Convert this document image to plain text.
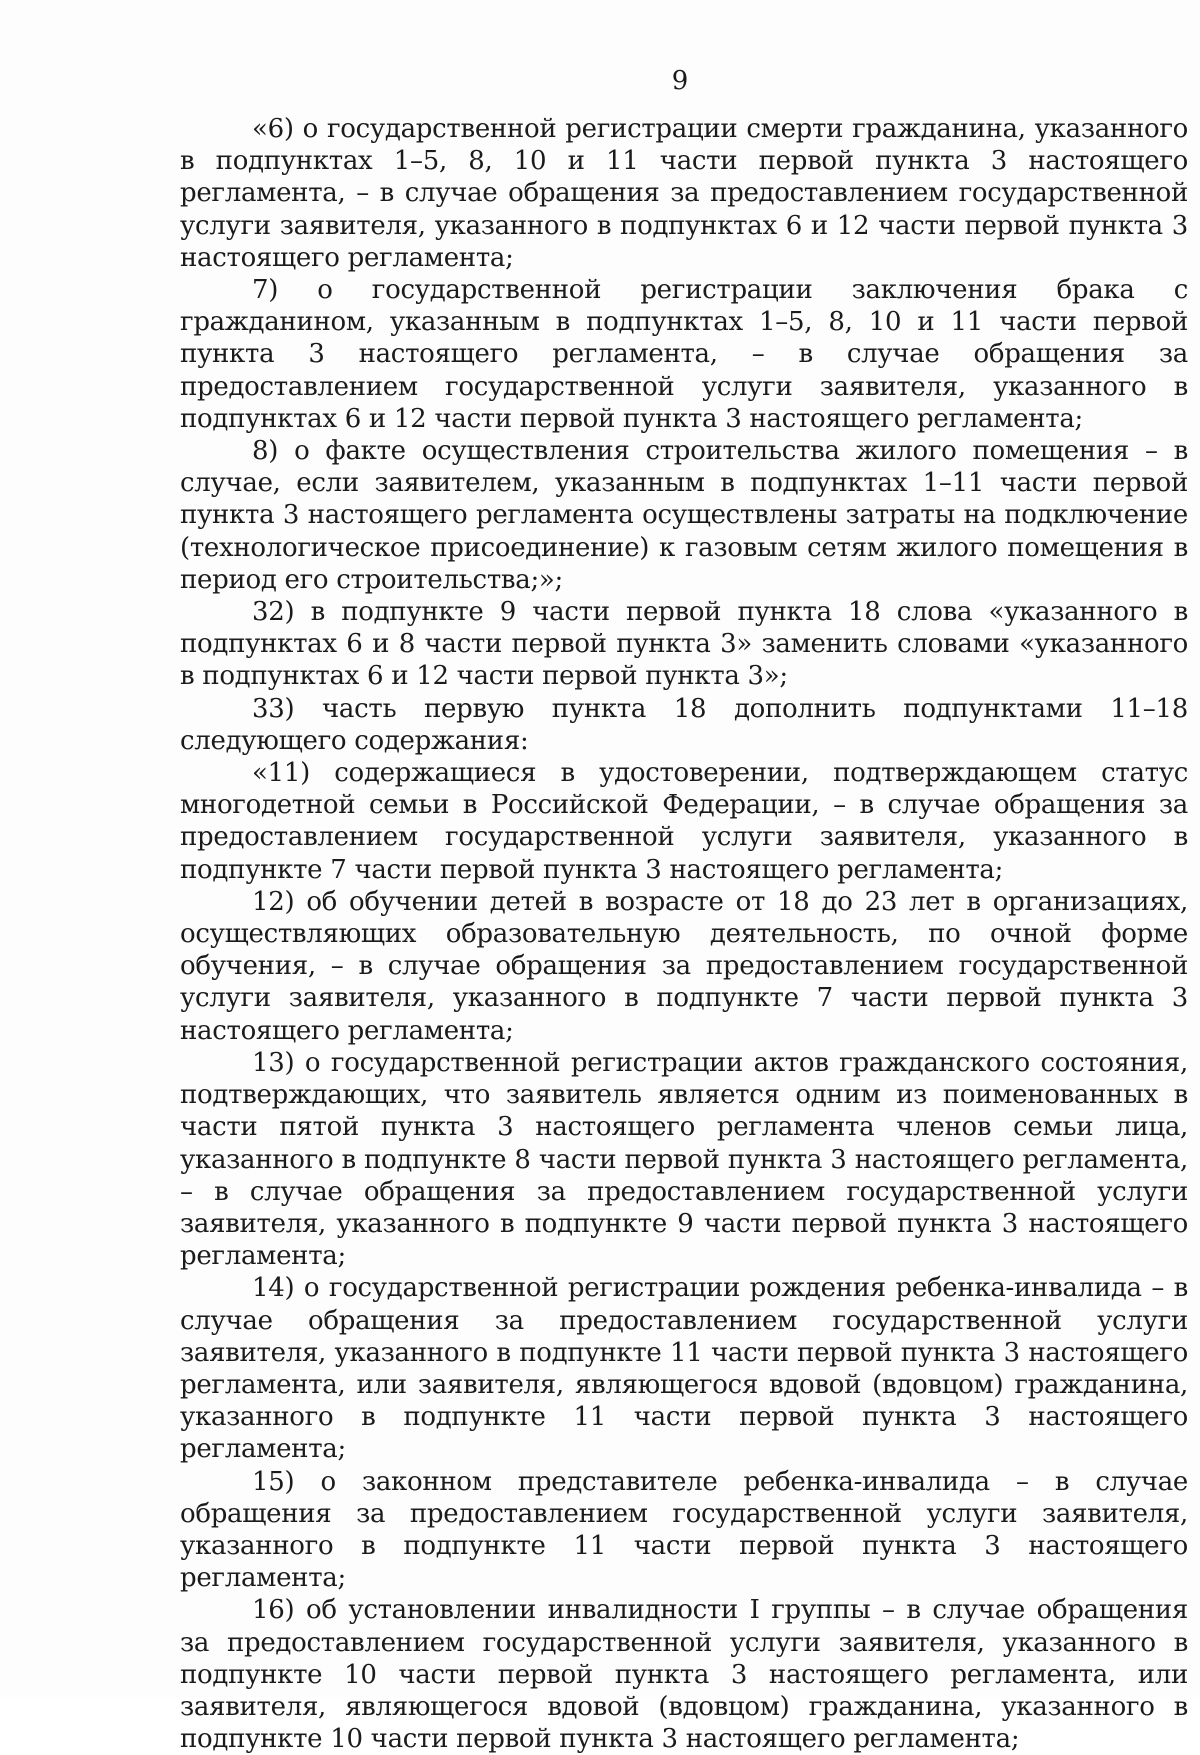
9

«6) о государственной регистрации смерти гражданина, указанного в подпунктах 1–5, 8, 10 и 11 части первой пункта 3 настоящего регламента, – в случае обращения за предоставлением государственной услуги заявителя, указанного в подпунктах 6 и 12 части первой пункта 3 настоящего регламента;

7) о государственной регистрации заключения брака с гражданином, указанным в подпунктах 1–5, 8, 10 и 11 части первой пункта 3 настоящего регламента, – в случае обращения за предоставлением государственной услуги заявителя, указанного в подпунктах 6 и 12 части первой пункта 3 настоящего регламента;

8) о факте осуществления строительства жилого помещения – в случае, если заявителем, указанным в подпунктах 1–11 части первой пункта 3 настоящего регламента осуществлены затраты на подключение (технологическое присоединение) к газовым сетям жилого помещения в период его строительства;»;

32) в подпункте 9 части первой пункта 18 слова «указанного в подпунктах 6 и 8 части первой пункта 3» заменить словами «указанного в подпунктах 6 и 12 части первой пункта 3»;

33) часть первую пункта 18 дополнить подпунктами 11–18 следующего содержания:

«11) содержащиеся в удостоверении, подтверждающем статус многодетной семьи в Российской Федерации, – в случае обращения за предоставлением государственной услуги заявителя, указанного в подпункте 7 части первой пункта 3 настоящего регламента;

12) об обучении детей в возрасте от 18 до 23 лет в организациях, осуществляющих образовательную деятельность, по очной форме обучения, – в случае обращения за предоставлением государственной услуги заявителя, указанного в подпункте 7 части первой пункта 3 настоящего регламента;

13) о государственной регистрации актов гражданского состояния, подтверждающих, что заявитель является одним из поименованных в части пятой пункта 3 настоящего регламента членов семьи лица, указанного в подпункте 8 части первой пункта 3 настоящего регламента, – в случае обращения за предоставлением государственной услуги заявителя, указанного в подпункте 9 части первой пункта 3 настоящего регламента;

14) о государственной регистрации рождения ребенка-инвалида – в случае обращения за предоставлением государственной услуги заявителя, указанного в подпункте 11 части первой пункта 3 настоящего регламента, или заявителя, являющегося вдовой (вдовцом) гражданина, указанного в подпункте 11 части первой пункта 3 настоящего регламента;

15) о законном представителе ребенка-инвалида – в случае обращения за предоставлением государственной услуги заявителя, указанного в подпункте 11 части первой пункта 3 настоящего регламента;

16) об установлении инвалидности I группы – в случае обращения за предоставлением государственной услуги заявителя, указанного в подпункте 10 части первой пункта 3 настоящего регламента, или заявителя, являющегося вдовой (вдовцом) гражданина, указанного в подпункте 10 части первой пункта 3 настоящего регламента;
